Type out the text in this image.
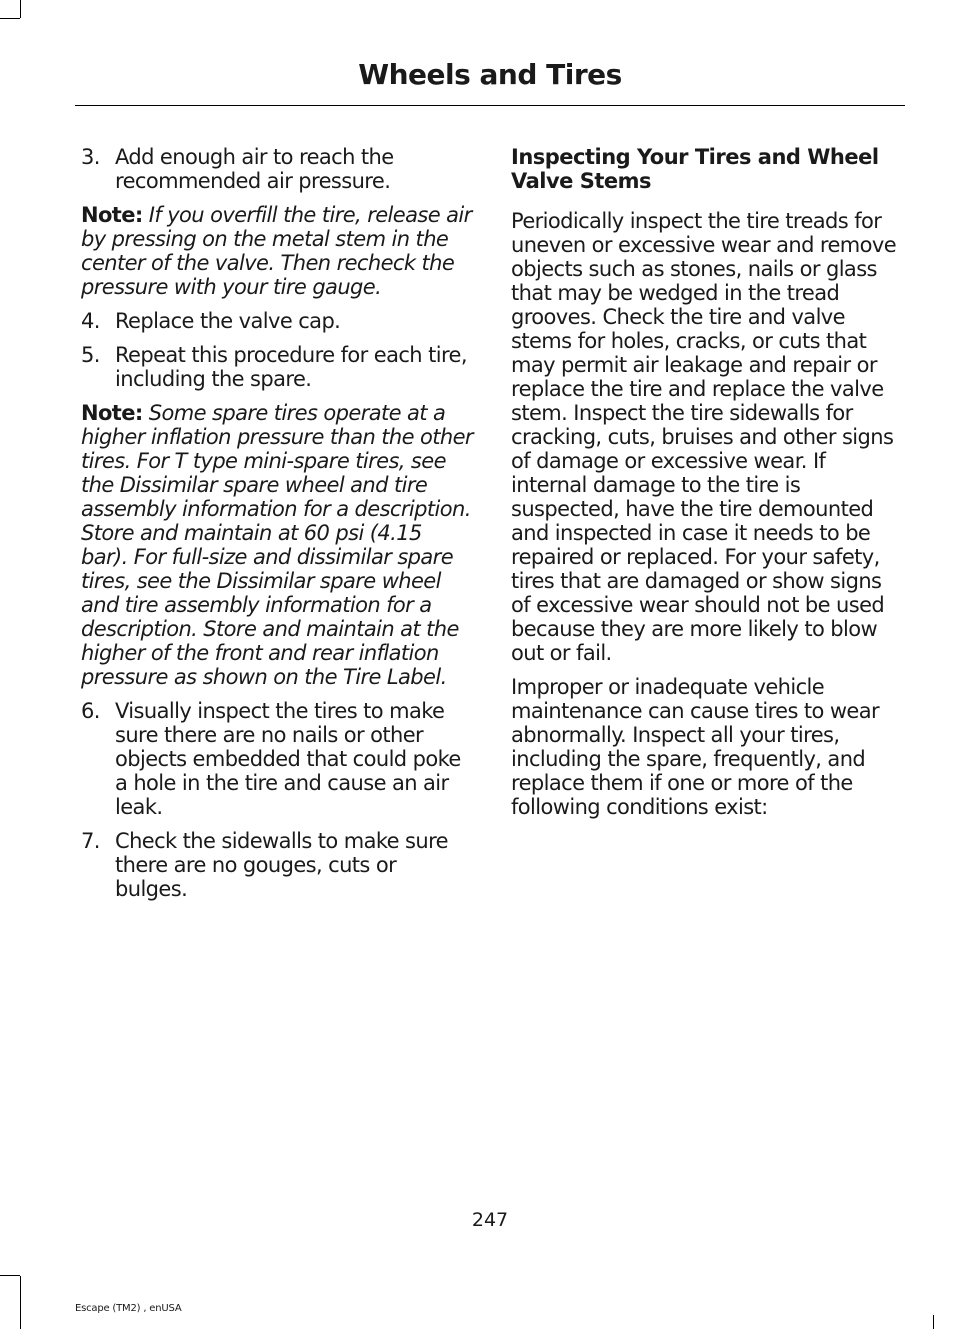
Wheels and Tires
3. Add enough air to reach the recommended air pressure.

Note: If you overfill the tire, release air by pressing on the metal stem in the center of the valve. Then recheck the pressure with your tire gauge.

4. Replace the valve cap.
5. Repeat this procedure for each tire, including the spare.

Note: Some spare tires operate at a higher inflation pressure than the other tires. For T type mini-spare tires, see the Dissimilar spare wheel and tire assembly information for a description. Store and maintain at 60 psi (4.15 bar). For full-size and dissimilar spare tires, see the Dissimilar spare wheel and tire assembly information for a description. Store and maintain at the higher of the front and rear inflation pressure as shown on the Tire Label.

6. Visually inspect the tires to make sure there are no nails or other objects embedded that could poke a hole in the tire and cause an air leak.
7. Check the sidewalls to make sure there are no gouges, cuts or bulges.
Inspecting Your Tires and Wheel Valve Stems

Periodically inspect the tire treads for uneven or excessive wear and remove objects such as stones, nails or glass that may be wedged in the tread grooves. Check the tire and valve stems for holes, cracks, or cuts that may permit air leakage and repair or replace the tire and replace the valve stem. Inspect the tire sidewalls for cracking, cuts, bruises and other signs of damage or excessive wear. If internal damage to the tire is suspected, have the tire demounted and inspected in case it needs to be repaired or replaced. For your safety, tires that are damaged or show signs of excessive wear should not be used because they are more likely to blow out or fail.

Improper or inadequate vehicle maintenance can cause tires to wear abnormally. Inspect all your tires, including the spare, frequently, and replace them if one or more of the following conditions exist:

247
Escape (TM2) , enUSA
